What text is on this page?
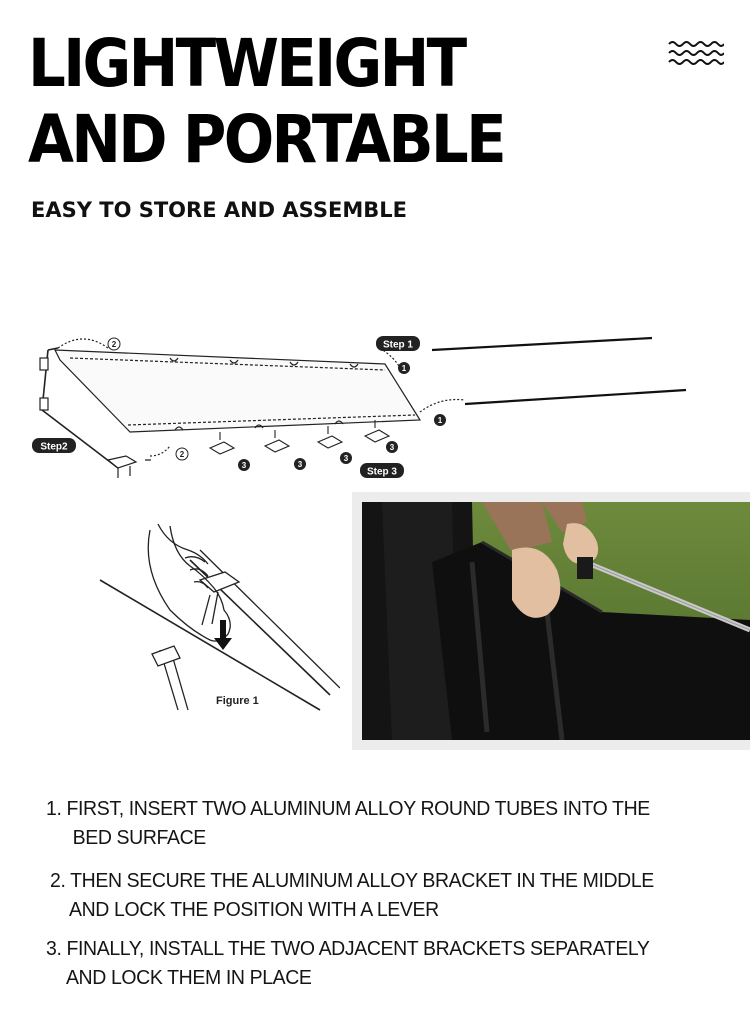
LIGHTWEIGHT
AND PORTABLE
EASY TO STORE AND ASSEMBLE
Step 1
Step2
Step 3
1
1
2
2
3	3
3
3
Figure 1
1. FIRST, INSERT TWO ALUMINUM ALLOY ROUND TUBES INTO THE
BED SURFACE
2. THEN SECURE THE ALUMINUM ALLOY BRACKET IN THE MIDDLE
AND LOCK THE POSITION WITH A LEVER
3. FINALLY, INSTALL THE TWO ADJACENT BRACKETS SEPARATELY
AND LOCK THEM IN PLACE
